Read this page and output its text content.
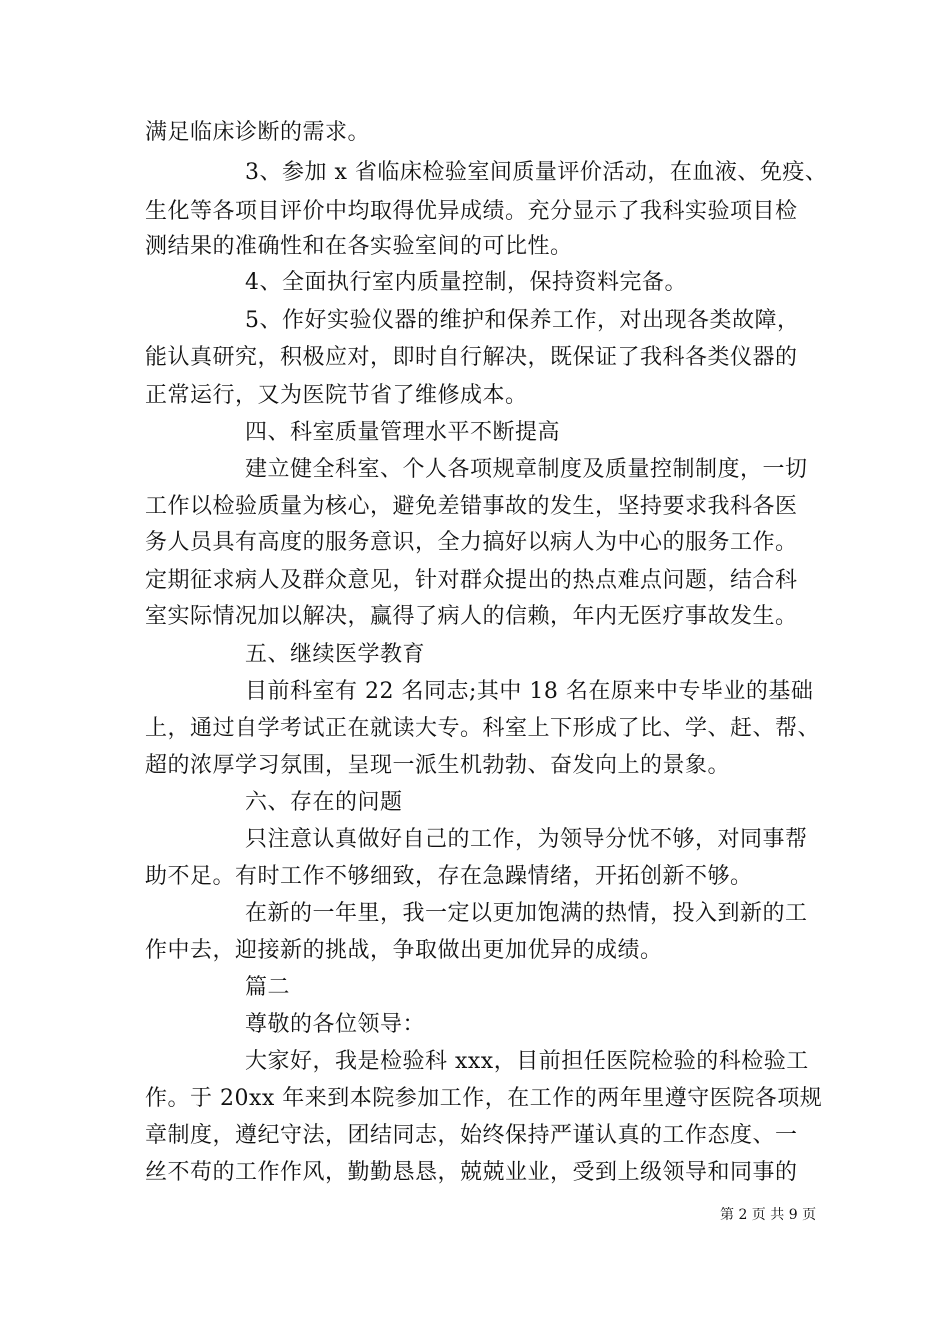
满足临床诊断的需求。
3、参加 x 省临床检验室间质量评价活动，在血液、免疫、
生化等各项目评价中均取得优异成绩。充分显示了我科实验项目检
测结果的准确性和在各实验室间的可比性。
4、全面执行室内质量控制，保持资料完备。
5、作好实验仪器的维护和保养工作，对出现各类故障，
能认真研究，积极应对，即时自行解决，既保证了我科各类仪器的
正常运行，又为医院节省了维修成本。
四、科室质量管理水平不断提高
建立健全科室、个人各项规章制度及质量控制制度，一切
工作以检验质量为核心，避免差错事故的发生，坚持要求我科各医
务人员具有高度的服务意识，全力搞好以病人为中心的服务工作。
定期征求病人及群众意见，针对群众提出的热点难点问题，结合科
室实际情况加以解决，赢得了病人的信赖，年内无医疗事故发生。
五、继续医学教育
目前科室有 22 名同志;其中 18 名在原来中专毕业的基础
上，通过自学考试正在就读大专。科室上下形成了比、学、赶、帮、
超的浓厚学习氛围，呈现一派生机勃勃、奋发向上的景象。
六、存在的问题
只注意认真做好自己的工作，为领导分忧不够，对同事帮
助不足。有时工作不够细致，存在急躁情绪，开拓创新不够。
在新的一年里，我一定以更加饱满的热情，投入到新的工
作中去，迎接新的挑战，争取做出更加优异的成绩。
篇二
尊敬的各位领导：
大家好，我是检验科 xxx，目前担任医院检验的科检验工
作。于 20xx 年来到本院参加工作，在工作的两年里遵守医院各项规
章制度，遵纪守法，团结同志，始终保持严谨认真的工作态度、一
丝不苟的工作作风，勤勤恳恳，兢兢业业，受到上级领导和同事的
第 2 页 共 9 页
